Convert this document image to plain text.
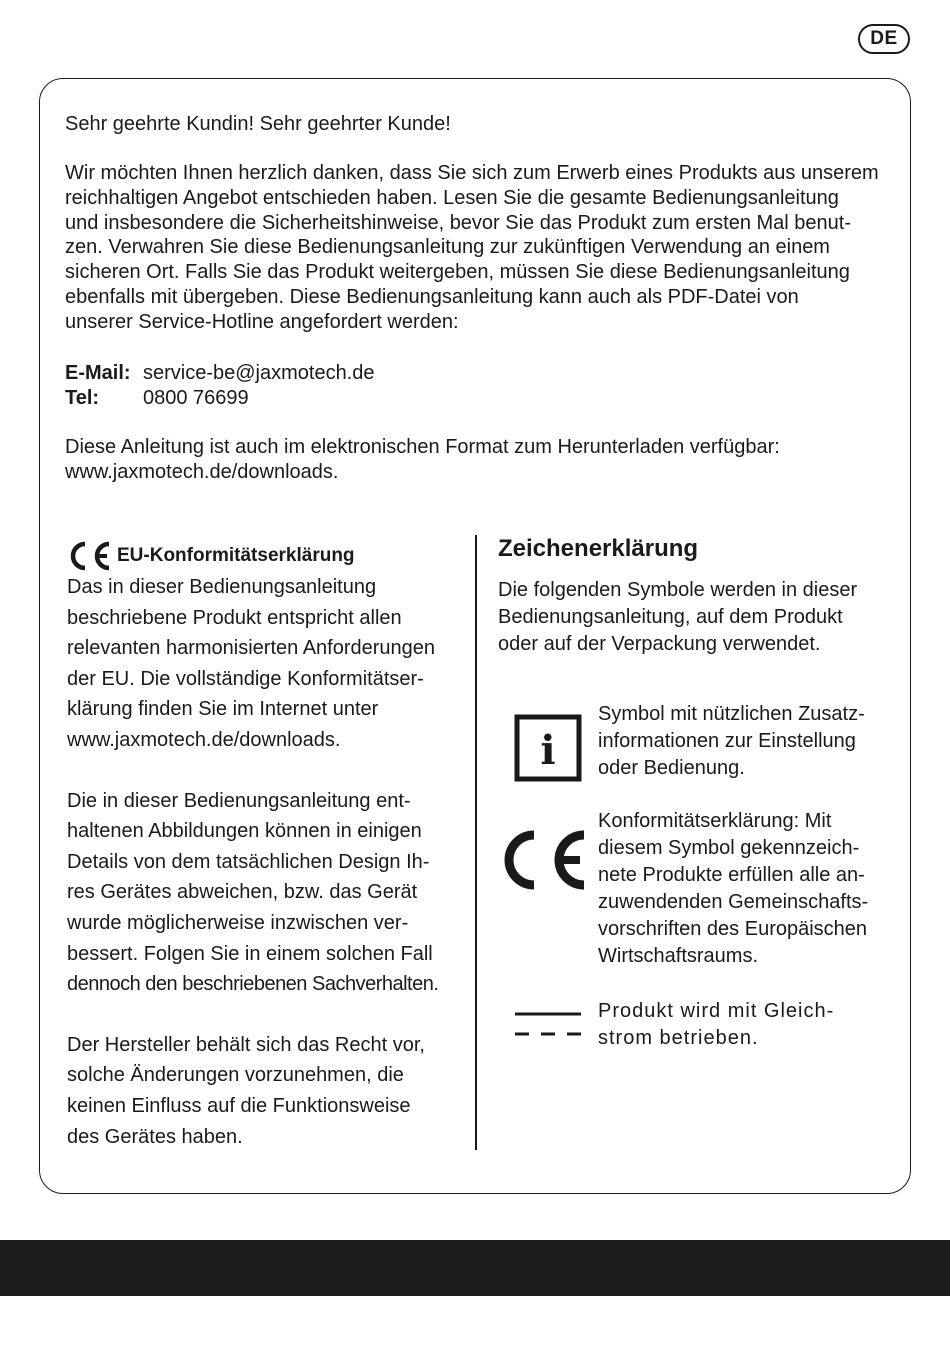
DE

Sehr geehrte Kundin! Sehr geehrter Kunde!

Wir möchten Ihnen herzlich danken, dass Sie sich zum Erwerb eines Produkts aus unserem
reichhaltigen Angebot entschieden haben. Lesen Sie die gesamte Bedienungsanleitung
und insbesondere die Sicherheitshinweise, bevor Sie das Produkt zum ersten Mal benut-
zen. Verwahren Sie diese Bedienungsanleitung zur zukünftigen Verwendung an einem
sicheren Ort. Falls Sie das Produkt weitergeben, müssen Sie diese Bedienungsanleitung
ebenfalls mit übergeben. Diese Bedienungsanleitung kann auch als PDF-Datei von
unserer Service-Hotline angefordert werden:
E-Mail: service-be@jaxmotech.de
Tel:	0800 76699
Diese Anleitung ist auch im elektronischen Format zum Herunterladen verfügbar:
www.jaxmotech.de/downloads.
EU-Konformitätserklärung
Das in dieser Bedienungsanleitung
beschriebene Produkt entspricht allen
relevanten harmonisierten Anforderungen
der EU. Die vollständige Konformitätser-
klärung finden Sie im Internet unter
www.jaxmotech.de/downloads.
Die in dieser Bedienungsanleitung ent-
haltenen Abbildungen können in einigen
Details von dem tatsächlichen Design Ih-
res Gerätes abweichen, bzw. das Gerät
wurde möglicherweise inzwischen ver-
bessert. Folgen Sie in einem solchen Fall
dennoch den beschriebenen Sachverhalten.
Der Hersteller behält sich das Recht vor,
solche Änderungen vorzunehmen, die
keinen Einfluss auf die Funktionsweise
des Gerätes haben.
Zeichenerklärung
Die folgenden Symbole werden in dieser
Bedienungsanleitung, auf dem Produkt
oder auf der Verpackung verwendet.
i
Symbol mit nützlichen Zusatz-
informationen zur Einstellung
oder Bedienung.
Konformitätserklärung: Mit
diesem Symbol gekennzeich-
nete Produkte erfüllen alle an-
zuwendenden Gemeinschafts-
vorschriften des Europäischen
Wirtschaftsraums.
Produkt wird mit Gleich-
strom betrieben.
